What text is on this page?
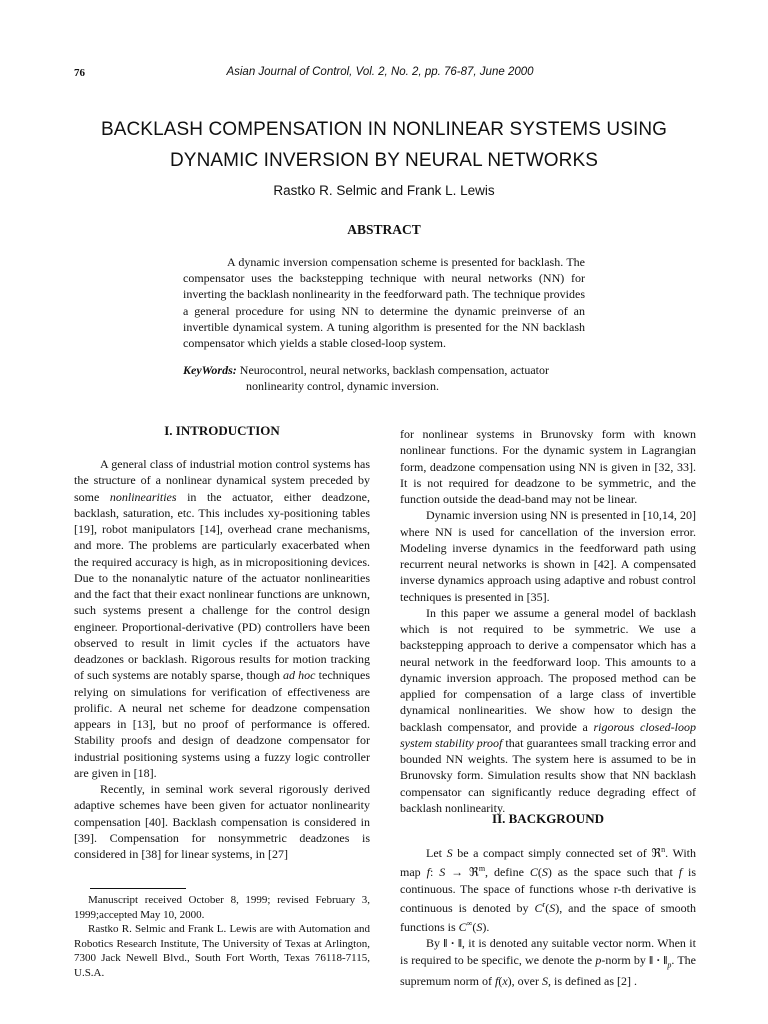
76	Asian Journal of Control, Vol. 2, No. 2, pp. 76-87, June 2000
BACKLASH COMPENSATION IN NONLINEAR SYSTEMS USING
DYNAMIC INVERSION BY NEURAL NETWORKS
Rastko R. Selmic and Frank L. Lewis
ABSTRACT

A dynamic inversion compensation scheme is presented for backlash. The compensator uses the backstepping technique with neural networks (NN) for inverting the backlash nonlinearity in the feedforward path. The technique provides a general procedure for using NN to determine the dynamic preinverse of an invertible dynamical system. A tuning algorithm is presented for the NN backlash compensator which yields a stable closed-loop system.

KeyWords: Neurocontrol, neural networks, backlash compensation, actuator
nonlinearity control, dynamic inversion.
I. INTRODUCTION

A general class of industrial motion control systems has the structure of a nonlinear dynamical system preceded by some nonlinearities in the actuator, either deadzone, backlash, saturation, etc. This includes xy-positioning tables [19], robot manipulators [14], overhead crane mechanisms, and more. The problems are particularly exacerbated when the required accuracy is high, as in micropositioning devices. Due to the nonanalytic nature of the actuator nonlinearities and the fact that their exact nonlinear functions are unknown, such systems present a challenge for the control design engineer. Proportional-derivative (PD) controllers have been observed to result in limit cycles if the actuators have deadzones or backlash. Rigorous results for motion tracking of such systems are notably sparse, though ad hoc techniques relying on simulations for verification of effectiveness are prolific. A neural net scheme for deadzone compensation appears in [13], but no proof of performance is offered. Stability proofs and design of deadzone compensator for industrial positioning systems using a fuzzy logic controller are given in [18].

Recently, in seminal work several rigorously derived adaptive schemes have been given for actuator nonlinearity compensation [40]. Backlash compensation is considered in [39]. Compensation for nonsymmetric deadzones is considered in [38] for linear systems, in [27]

for nonlinear systems in Brunovsky form with known nonlinear functions. For the dynamic system in Lagrangian form, deadzone compensation using NN is given in [32, 33]. It is not required for deadzone to be symmetric, and the function outside the dead-band may not be linear.

Dynamic inversion using NN is presented in [10,14, 20] where NN is used for cancellation of the inversion error. Modeling inverse dynamics in the feedforward path using recurrent neural networks is shown in [42]. A compensated inverse dynamics approach using adaptive and robust control techniques is presented in [35].

In this paper we assume a general model of backlash which is not required to be symmetric. We use a backstepping approach to derive a compensator which has a neural network in the feedforward loop. This amounts to a dynamic inversion approach. The proposed method can be applied for compensation of a large class of invertible dynamical nonlinearities. We show how to design the backlash compensator, and provide a rigorous closed-loop system stability proof that guarantees small tracking error and bounded NN weights. The system here is assumed to be in Brunovsky form. Simulation results show that NN backlash compensator can significantly reduce degrading effect of backlash nonlinearity.

II. BACKGROUND

Let S be a compact simply connected set of ℜ$^n$. With map f: S → ℜ$^m$, define C(S) as the space such that f is continuous. The space of functions whose r-th derivative is continuous is denoted by $C^r(S)$, and the space of smooth functions is C∞(S).

By ‖ · ‖, it is denoted any suitable vector norm. When it is required to be specific, we denote the p-norm by ‖ · $‖_p$. The supremum norm of f(x), over S, is defined as [2] .

Manuscript received October 8, 1999; revised February 3, 1999;accepted May 10, 2000.

Rastko R. Selmic and Frank L. Lewis are with Automation and Robotics Research Institute, The University of Texas at Arlington, 7300 Jack Newell Blvd., South Fort Worth, Texas 76118-7115, U.S.A.
